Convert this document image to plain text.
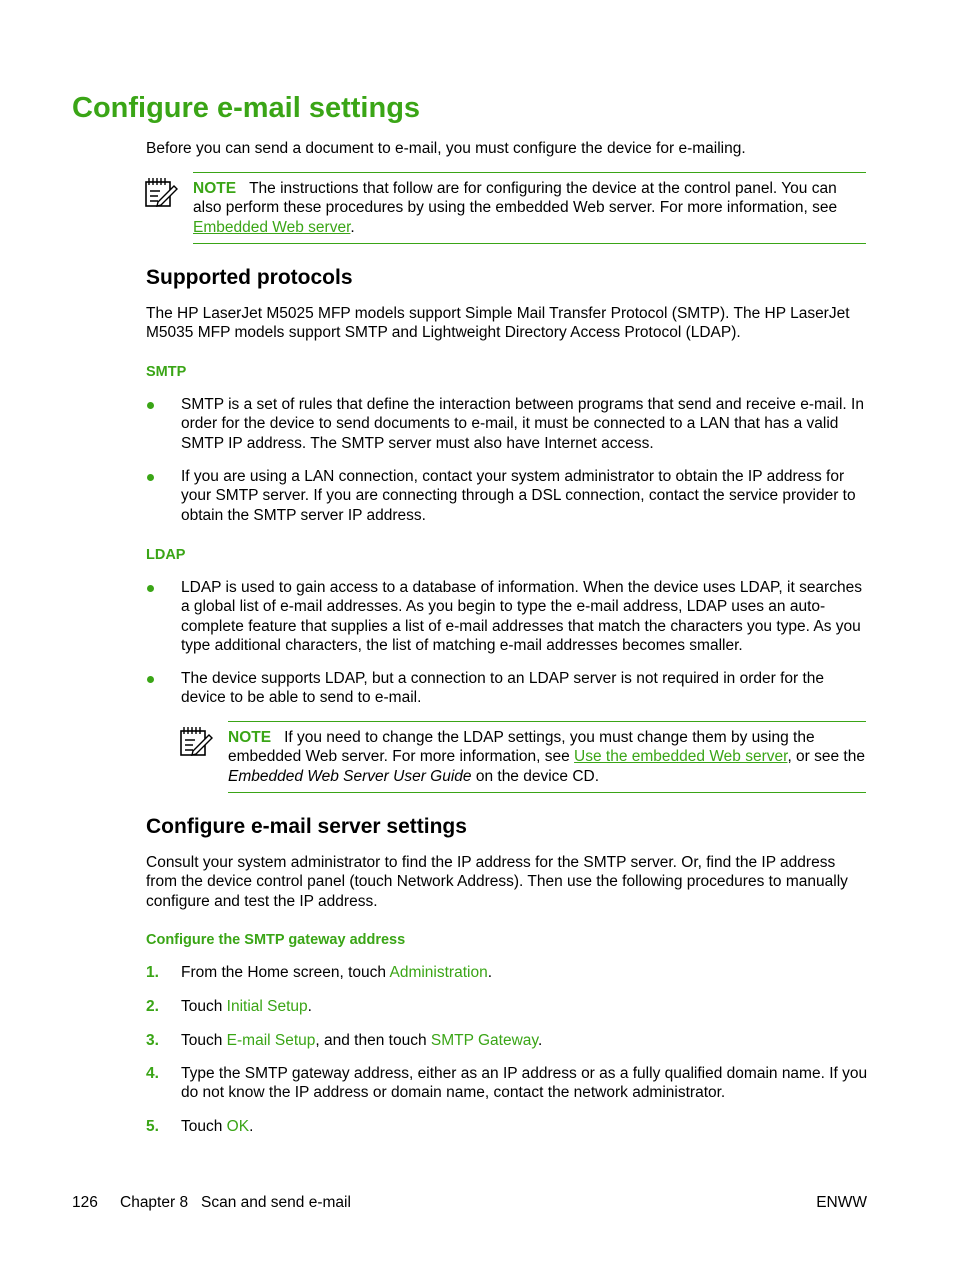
Configure e-mail settings

Before you can send a document to e-mail, you must configure the device for e-mailing.

NOTE The instructions that follow are for configuring the device at the control panel. You can also perform these procedures by using the embedded Web server. For more information, see Embedded Web server.
Supported protocols

The HP LaserJet M5025 MFP models support Simple Mail Transfer Protocol (SMTP). The HP LaserJet M5035 MFP models support SMTP and Lightweight Directory Access Protocol (LDAP).

SMTP

SMTP is a set of rules that define the interaction between programs that send and receive e-mail. In order for the device to send documents to e-mail, it must be connected to a LAN that has a valid SMTP IP address. The SMTP server must also have Internet access.

If you are using a LAN connection, contact your system administrator to obtain the IP address for your SMTP server. If you are connecting through a DSL connection, contact the service provider to obtain the SMTP server IP address.

LDAP

LDAP is used to gain access to a database of information. When the device uses LDAP, it searches a global list of e-mail addresses. As you begin to type the e-mail address, LDAP uses an auto-complete feature that supplies a list of e-mail addresses that match the characters you type. As you type additional characters, the list of matching e-mail addresses becomes smaller.

The device supports LDAP, but a connection to an LDAP server is not required in order for the device to be able to send to e-mail.

NOTE If you need to change the LDAP settings, you must change them by using the embedded Web server. For more information, see Use the embedded Web server, or see the Embedded Web Server User Guide on the device CD.
Configure e-mail server settings

Consult your system administrator to find the IP address for the SMTP server. Or, find the IP address from the device control panel (touch Network Address). Then use the following procedures to manually configure and test the IP address.

Configure the SMTP gateway address
1. From the Home screen, touch Administration.

2. Touch Initial Setup.

3. Touch E-mail Setup, and then touch SMTP Gateway.

4. Type the SMTP gateway address, either as an IP address or as a fully qualified domain name. If you do not know the IP address or domain name, contact the network administrator.

5. Touch OK.

126 Chapter 8   Scan and send e-mail	ENWW
